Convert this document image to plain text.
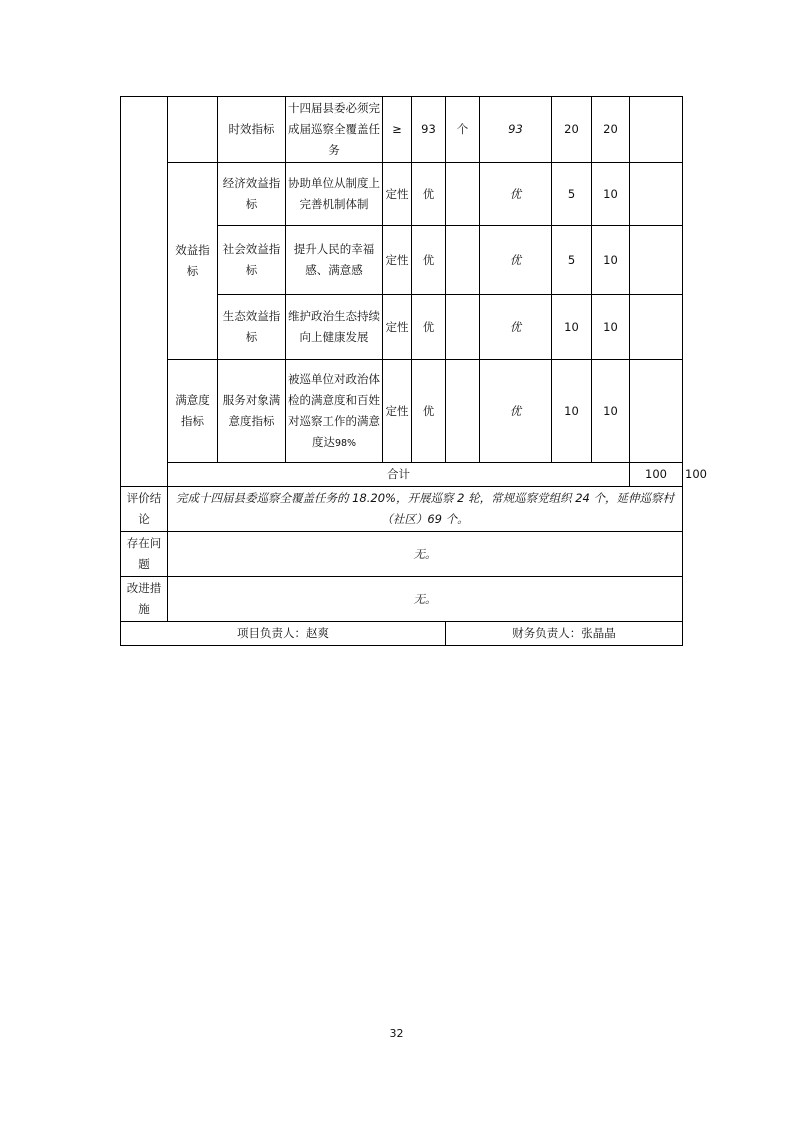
		时效指标	十四届县委必须完成届巡察全覆盖任务	≥	93	个	93	20	20		
	效益指标	经济效益指标	协助单位从制度上完善机制体制	定性	优		优	5	10		
		社会效益指标	提升人民的幸福感、满意感	定性	优		优	5	10		
		生态效益指标	维护政治生态持续向上健康发展	定性	优		优	10	10		
	满意度指标	服务对象满意度指标	被巡单位对政治体检的满意度和百姓对巡察工作的满意度达98%	定性	优		优	10	10		
	合计									100	100	
评价结论	完成十四届县委巡察全覆盖任务的 18.20%，开展巡察 2 轮，常规巡察党组织 24 个，延伸巡察村（社区）69 个。										
存在问题	无。										
改进措施	无。										
项目负责人：赵爽						财务负责人：张晶晶					
32
